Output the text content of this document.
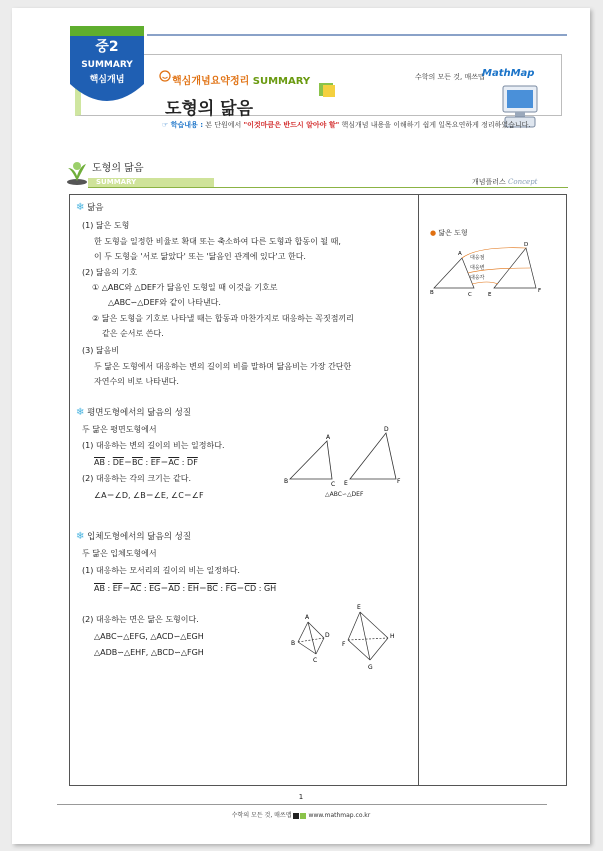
핵심개념요약정리 SUMMARY
도형의 닮음
수학의 모든 것, 매쓰맵
MathMap
중2
SUMMARY
핵심개념
☞ 학습내용 : 본 단원에서 "이것마큼은 반드시 알아야 할" 핵심개념 내용을 이해하기 쉽게 일목요연하게 정리하였습니다.
도형의 닮음
SUMMARY	개념플러스 Concept
❄ 닮음
(1) 닮은 도형
한 도형을 일정한 비율로 확대 또는 축소하여 다른 도형과 합동이 될 때,
이 두 도형을 '서로 닮았다' 또는 '닮음인 관계에 있다'고 한다.
(2) 닮음의 기호
① △ABC와 △DEF가 닮음인 도형일 때 이것을 기호로
△ABC∽△DEF와 같이 나타낸다.
② 닮은 도형을 기호로 나타낼 때는 합동과 마찬가지로 대응하는 꼭짓점끼리
같은 순서로 쓴다.
(3) 닮음비
두 닮은 도형에서 대응하는 변의 길이의 비를 말하며 닮음비는 가장 간단한
자연수의 비로 나타낸다.
❄ 평면도형에서의 닮음의 성질
두 닮은 평면도형에서
(1) 대응하는 변의 길이의 비는 일정하다.
$\overline{AB}$ : $\overline{DE}=\overline{BC}$ : $\overline{EF}=\overline{AC}$ : $\overline{DF}$
(2) 대응하는 각의 크기는 같다.
∠A＝∠D, ∠B＝∠E, ∠C＝∠F
A
B	C
D
E	F
△ABC∽△DEF
❄ 입체도형에서의 닮음의 성질
두 닮은 입체도형에서
(1) 대응하는 모서리의 길이의 비는 일정하다.
$\overline{AB}$ : $\overline{EF}=\overline{AC}$ : $\overline{EG}=\overline{AD}$ : $\overline{EH}=\overline{BC}$ : $\overline{FG}=\overline{CD}$ : $\overline{GH}$
(2) 대응하는 면은 닮은 도형이다.
△ABC∽△EFG, △ACD∽△EGH
△ADB∽△EHF, △BCD∽△FGH
A
B
C
D
E
F
G
H
● 닮은 도형
B
A
C
D
E
F
대응점
대응변
대응각
1
수학의 모든 것, 매쓰맵	www.mathmap.co.kr
